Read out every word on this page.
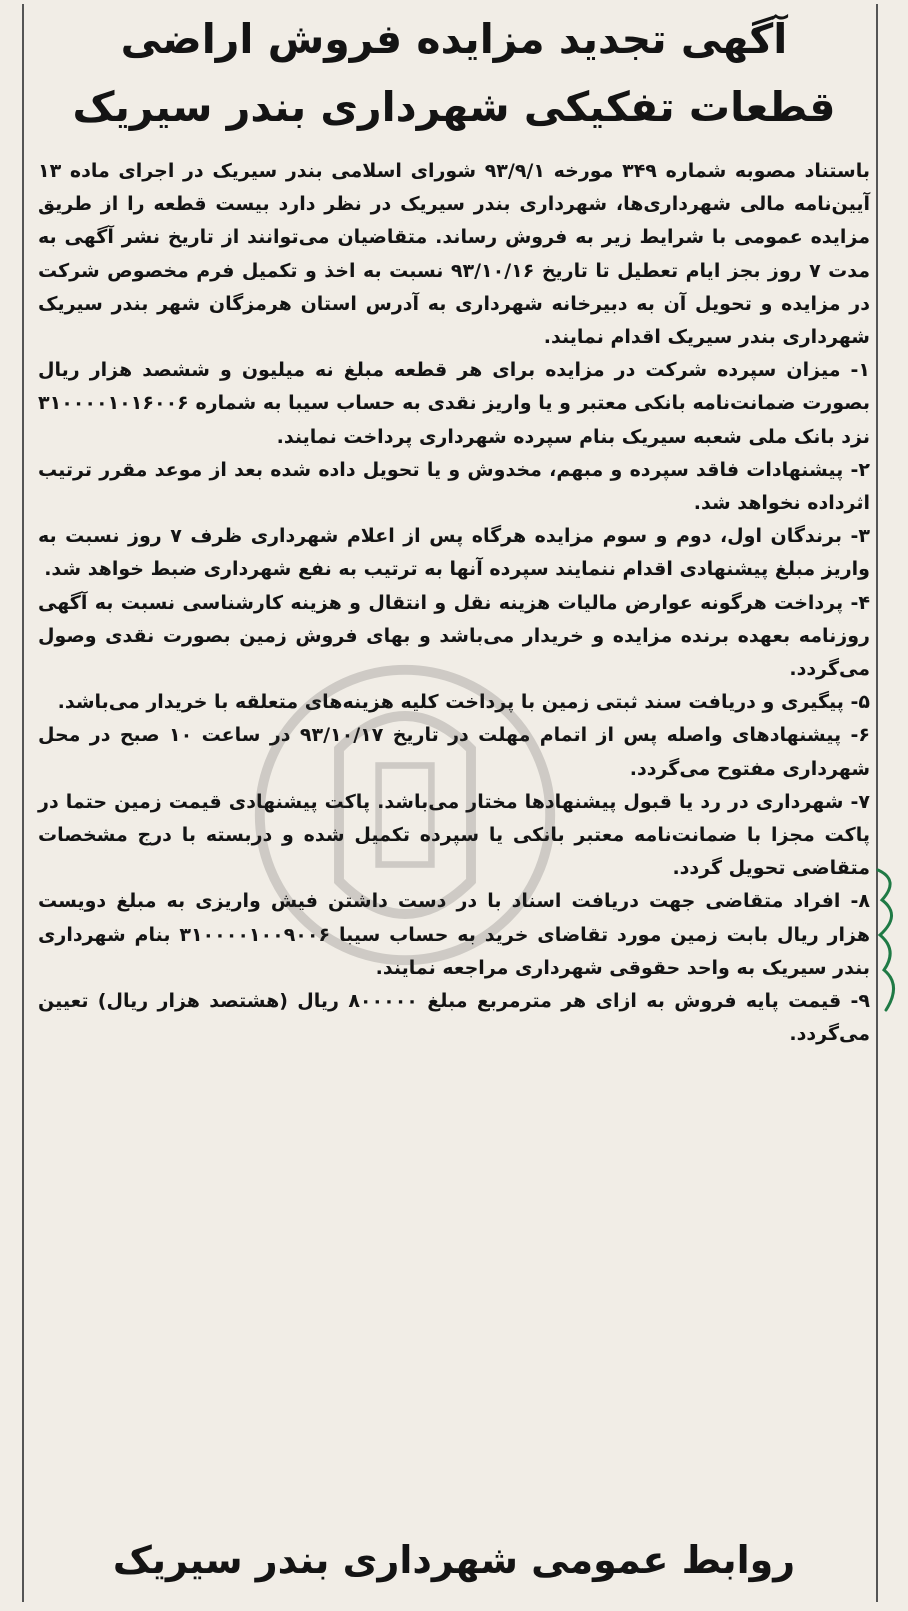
آگهی تجدید مزایده فروش اراضی
قطعات تفکیکی شهرداری بندر سیریک

باستناد مصوبه شماره ۳۴۹ مورخه ۹۳/۹/۱ شورای اسلامی بندر سیریک در اجرای ماده ۱۳ آیین‌نامه مالی شهرداری‌ها، شهرداری بندر سیریک در نظر دارد بیست قطعه را از طریق مزایده عمومی با شرایط زیر به فروش رساند. متقاضیان می‌توانند از تاریخ نشر آگهی به مدت ۷ روز بجز ایام تعطیل تا تاریخ ۹۳/۱۰/۱۶ نسبت به اخذ و تکمیل فرم مخصوص شرکت در مزایده و تحویل آن به دبیرخانه شهرداری به آدرس استان هرمزگان شهر بندر سیریک شهرداری بندر سیریک اقدام نمایند.

۱- میزان سپرده شرکت در مزایده برای هر قطعه مبلغ نه میلیون و ششصد هزار ریال بصورت ضمانت‌نامه بانکی معتبر و یا واریز نقدی به حساب سیبا به شماره ۳۱۰۰۰۰۱۰۱۶۰۰۶ نزد بانک ملی شعبه سیریک بنام سپرده شهرداری پرداخت نمایند.

۲- پیشنهادات فاقد سپرده و مبهم، مخدوش و یا تحویل داده شده بعد از موعد مقرر ترتیب اثرداده نخواهد شد.

۳- برندگان اول، دوم و سوم مزایده هرگاه پس از اعلام شهرداری ظرف ۷ روز نسبت به واریز مبلغ پیشنهادی اقدام ننمایند سپرده آنها به ترتیب به نفع شهرداری ضبط خواهد شد.

۴- پرداخت هرگونه عوارض مالیات هزینه نقل و انتقال و هزینه کارشناسی نسبت به آگهی روزنامه بعهده برنده مزایده و خریدار می‌باشد و بهای فروش زمین بصورت نقدی وصول می‌گردد.

۵- پیگیری و دریافت سند ثبتی زمین با پرداخت کلیه هزینه‌های متعلقه با خریدار می‌باشد.

۶- پیشنهادهای واصله پس از اتمام مهلت در تاریخ ۹۳/۱۰/۱۷ در ساعت ۱۰ صبح در محل شهرداری مفتوح می‌گردد.

۷- شهرداری در رد یا قبول پیشنهادها مختار می‌باشد. پاکت پیشنهادی قیمت زمین حتما در پاکت مجزا با ضمانت‌نامه معتبر بانکی یا سپرده تکمیل شده و دربسته با درج مشخصات متقاضی تحویل گردد.

۸- افراد متقاضی جهت دریافت اسناد با در دست داشتن فیش واریزی به مبلغ دویست هزار ریال بابت زمین مورد تقاضای خرید به حساب سیبا ۳۱۰۰۰۰۱۰۰۹۰۰۶ بنام شهرداری بندر سیریک به واحد حقوقی شهرداری مراجعه نمایند.

۹- قیمت پایه فروش به ازای هر مترمربع مبلغ ۸۰۰۰۰۰ ریال (هشتصد هزار ریال) تعیین می‌گردد.

روابط عمومی شهرداری بندر سیریک
